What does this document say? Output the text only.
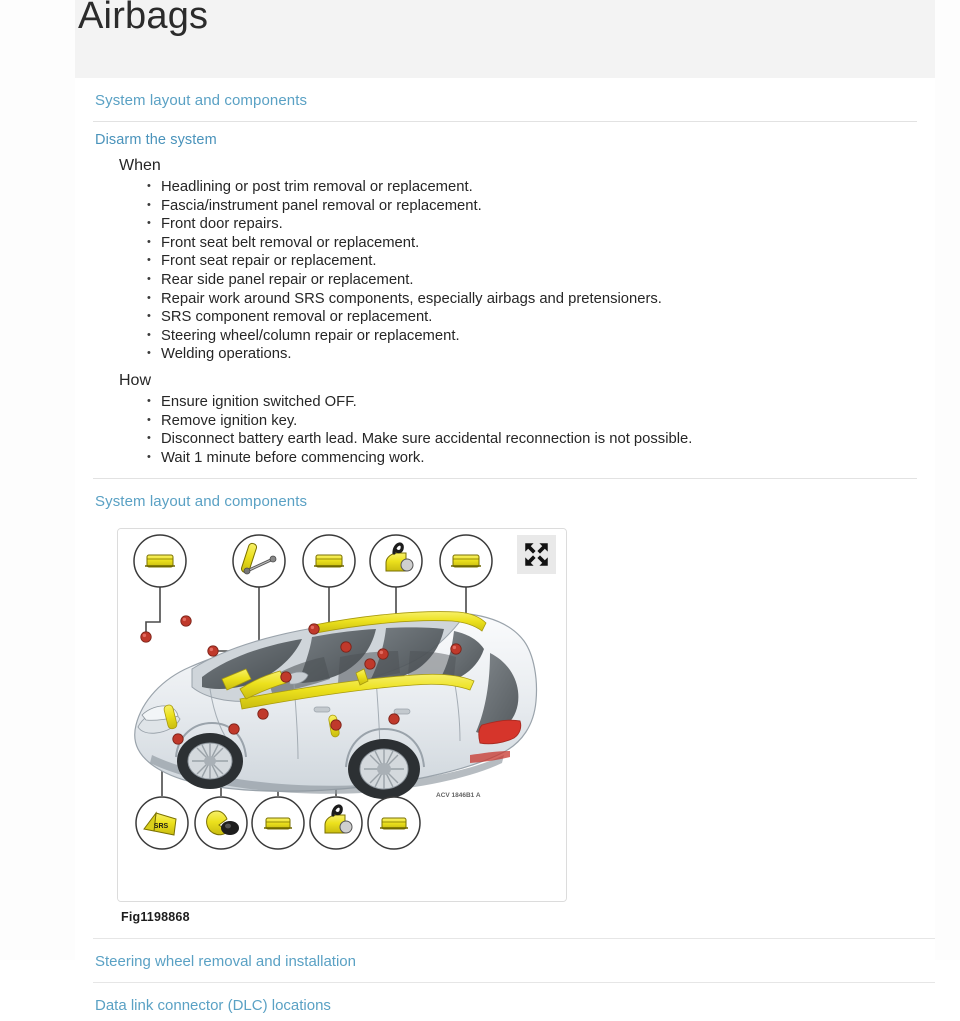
Airbags
System layout and components
Disarm the system
When
• Headlining or post trim removal or replacement.
• Fascia/instrument panel removal or replacement.
• Front door repairs.
• Front seat belt removal or replacement.
• Front seat repair or replacement.
• Rear side panel repair or replacement.
• Repair work around SRS components, especially airbags and pretensioners.
• SRS component removal or replacement.
• Steering wheel/column repair or replacement.
• Welding operations.
How
• Ensure ignition switched OFF.
• Remove ignition key.
• Disconnect battery earth lead. Make sure accidental reconnection is not possible.
• Wait 1 minute before commencing work.
System layout and components
ACV 1846B1 A
SRS
Fig1198868
Steering wheel removal and installation
Data link connector (DLC) locations
